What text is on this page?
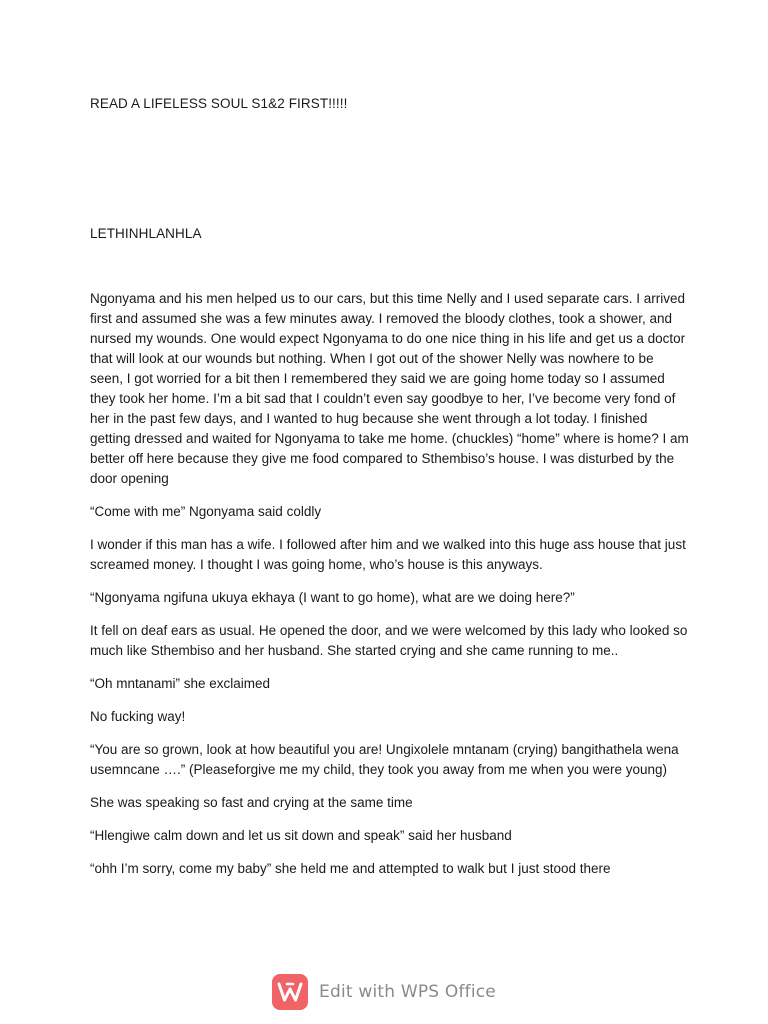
READ A LIFELESS SOUL S1&2 FIRST!!!!!
LETHINHLANHLA

Ngonyama and his men helped us to our cars, but this time Nelly and I used separate cars. I arrived first and assumed she was a few minutes away. I removed the bloody clothes, took a shower, and nursed my wounds. One would expect Ngonyama to do one nice thing in his life and get us a doctor that will look at our wounds but nothing. When I got out of the shower Nelly was nowhere to be seen, I got worried for a bit then I remembered they said we are going home today so I assumed they took her home. I’m a bit sad that I couldn’t even say goodbye to her, I’ve become very fond of her in the past few days, and I wanted to hug because she went through a lot today. I finished getting dressed and waited for Ngonyama to take me home. (chuckles) “home” where is home? I am better off here because they give me food compared to Sthembiso’s house. I was disturbed by the door opening

“Come with me” Ngonyama said coldly

I wonder if this man has a wife. I followed after him and we walked into this huge ass house that just screamed money. I thought I was going home, who’s house is this anyways.

“Ngonyama ngifuna ukuya ekhaya (I want to go home), what are we doing here?”

It fell on deaf ears as usual. He opened the door, and we were welcomed by this lady who looked so much like Sthembiso and her husband. She started crying and she came running to me..

“Oh mntanami” she exclaimed

No fucking way!

“You are so grown, look at how beautiful you are! Ungixolele mntanam (crying) bangithathela wena usemncane ….” (Pleaseforgive me my child, they took you away from me when you were young)

She was speaking so fast and crying at the same time

“Hlengiwe calm down and let us sit down and speak” said her husband

“ohh I’m sorry, come my baby” she held me and attempted to walk but I just stood there

Edit with WPS Office
